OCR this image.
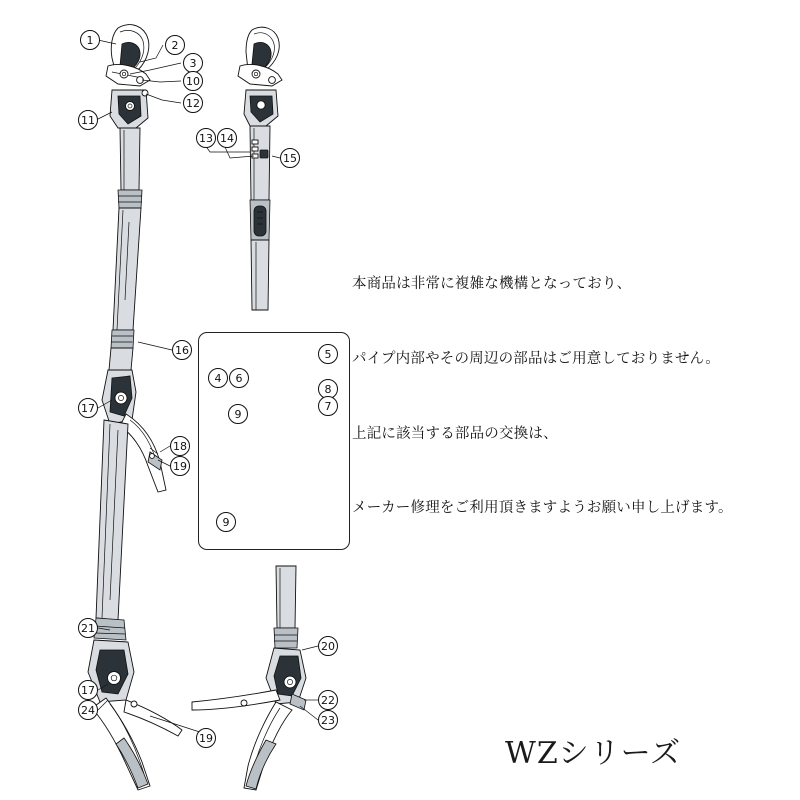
1	2
3
10
12
11
13 14
15
16
17
18
19
21
20
17
22
24
23
19
5
4	6
8
7
9
9

本商品は非常に複雑な機構となっており、

パイプ内部やその周辺の部品はご用意しておりません。

上記に該当する部品の交換は、

メーカー修理をご利用頂きますようお願い申し上げます。

WZシリーズ
